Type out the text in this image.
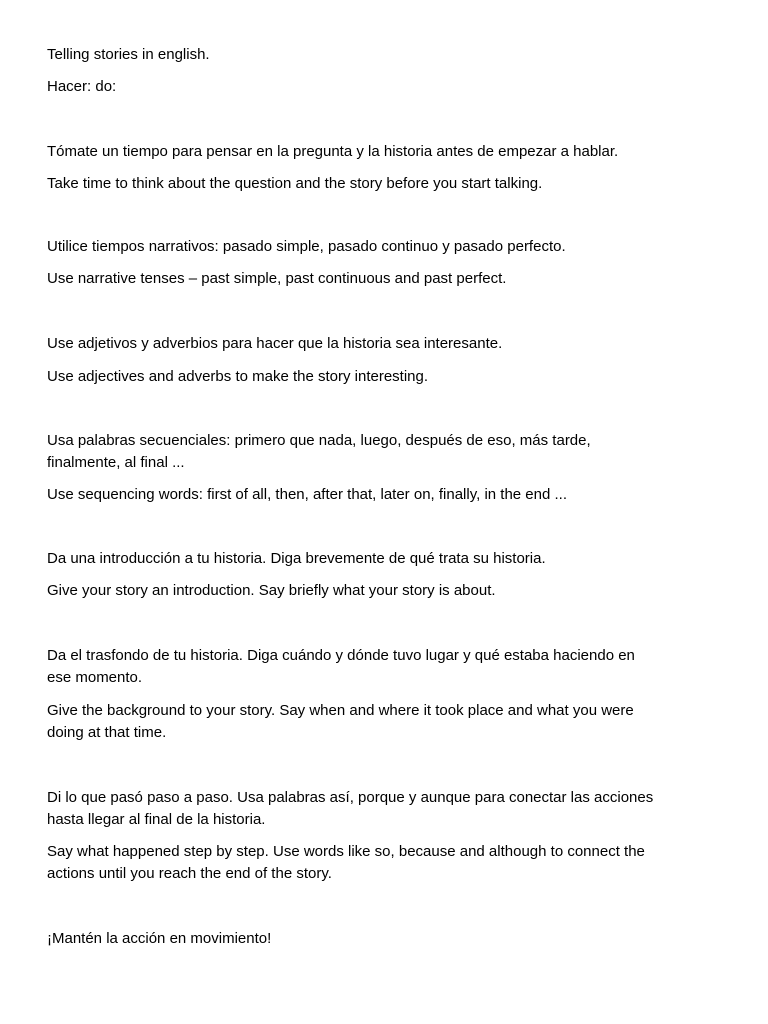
Telling stories in english.

Hacer: do:

Tómate un tiempo para pensar en la pregunta y la historia antes de empezar a hablar.

Take time to think about the question and the story before you start talking.

Utilice tiempos narrativos: pasado simple, pasado continuo y pasado perfecto.

Use narrative tenses – past simple, past continuous and past perfect.

Use adjetivos y adverbios para hacer que la historia sea interesante.

Use adjectives and adverbs to make the story interesting.

Usa palabras secuenciales: primero que nada, luego, después de eso, más tarde,

finalmente, al final ...

Use sequencing words: first of all, then, after that, later on, finally, in the end ...

Da una introducción a tu historia. Diga brevemente de qué trata su historia.

Give your story an introduction. Say briefly what your story is about.

Da el trasfondo de tu historia. Diga cuándo y dónde tuvo lugar y qué estaba haciendo en

ese momento.

Give the background to your story. Say when and where it took place and what you were

doing at that time.

Di lo que pasó paso a paso. Usa palabras así, porque y aunque para conectar las acciones

hasta llegar al final de la historia.

Say what happened step by step. Use words like so, because and although to connect the

actions until you reach the end of the story.

¡Mantén la acción en movimiento!
